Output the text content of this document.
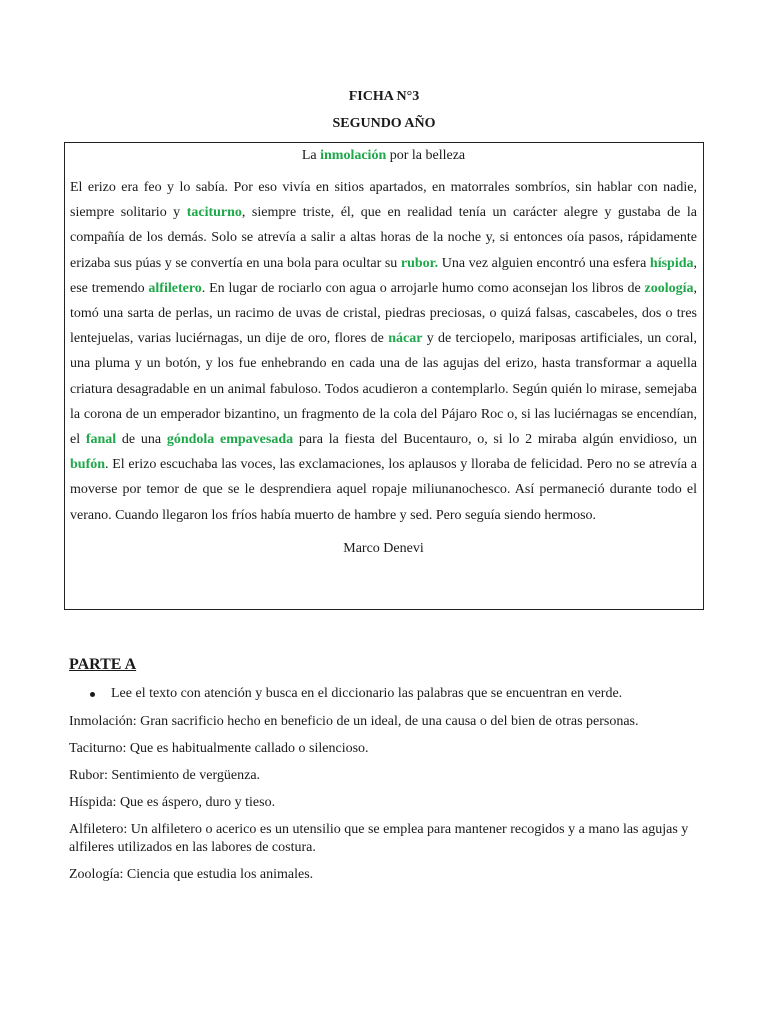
FICHA N°3
SEGUNDO AÑO

La inmolación por la belleza

El erizo era feo y lo sabía. Por eso vivía en sitios apartados, en matorrales sombríos, sin hablar con nadie, siempre solitario y taciturno, siempre triste, él, que en realidad tenía un carácter alegre y gustaba de la compañía de los demás. Solo se atrevía a salir a altas horas de la noche y, si entonces oía pasos, rápidamente erizaba sus púas y se convertía en una bola para ocultar su rubor. Una vez alguien encontró una esfera híspida, ese tremendo alfiletero. En lugar de rociarlo con agua o arrojarle humo como aconsejan los libros de zoología, tomó una sarta de perlas, un racimo de uvas de cristal, piedras preciosas, o quizá falsas, cascabeles, dos o tres lentejuelas, varias luciérnagas, un dije de oro, flores de nácar y de terciopelo, mariposas artificiales, un coral, una pluma y un botón, y los fue enhebrando en cada una de las agujas del erizo, hasta transformar a aquella criatura desagradable en un animal fabuloso. Todos acudieron a contemplarlo. Según quién lo mirase, semejaba la corona de un emperador bizantino, un fragmento de la cola del Pájaro Roc o, si las luciérnagas se encendían, el fanal de una góndola empavesada para la fiesta del Bucentauro, o, si lo 2 miraba algún envidioso, un bufón. El erizo escuchaba las voces, las exclamaciones, los aplausos y lloraba de felicidad. Pero no se atrevía a moverse por temor de que se le desprendiera aquel ropaje miliunanochesco. Así permaneció durante todo el verano. Cuando llegaron los fríos había muerto de hambre y sed. Pero seguía siendo hermoso.

Marco Denevi
PARTE A
Lee el texto con atención y busca en el diccionario las palabras que se encuentran en verde.

Inmolación: Gran sacrificio hecho en beneficio de un ideal, de una causa o del bien de otras personas.

Taciturno: Que es habitualmente callado o silencioso.

Rubor: Sentimiento de vergüenza.

Híspida: Que es áspero, duro y tieso.

Alfiletero: Un alfiletero o acerico es un utensilio que se emplea para mantener recogidos y a mano las agujas y alfileres utilizados en las labores de costura.

Zoología: Ciencia que estudia los animales.
